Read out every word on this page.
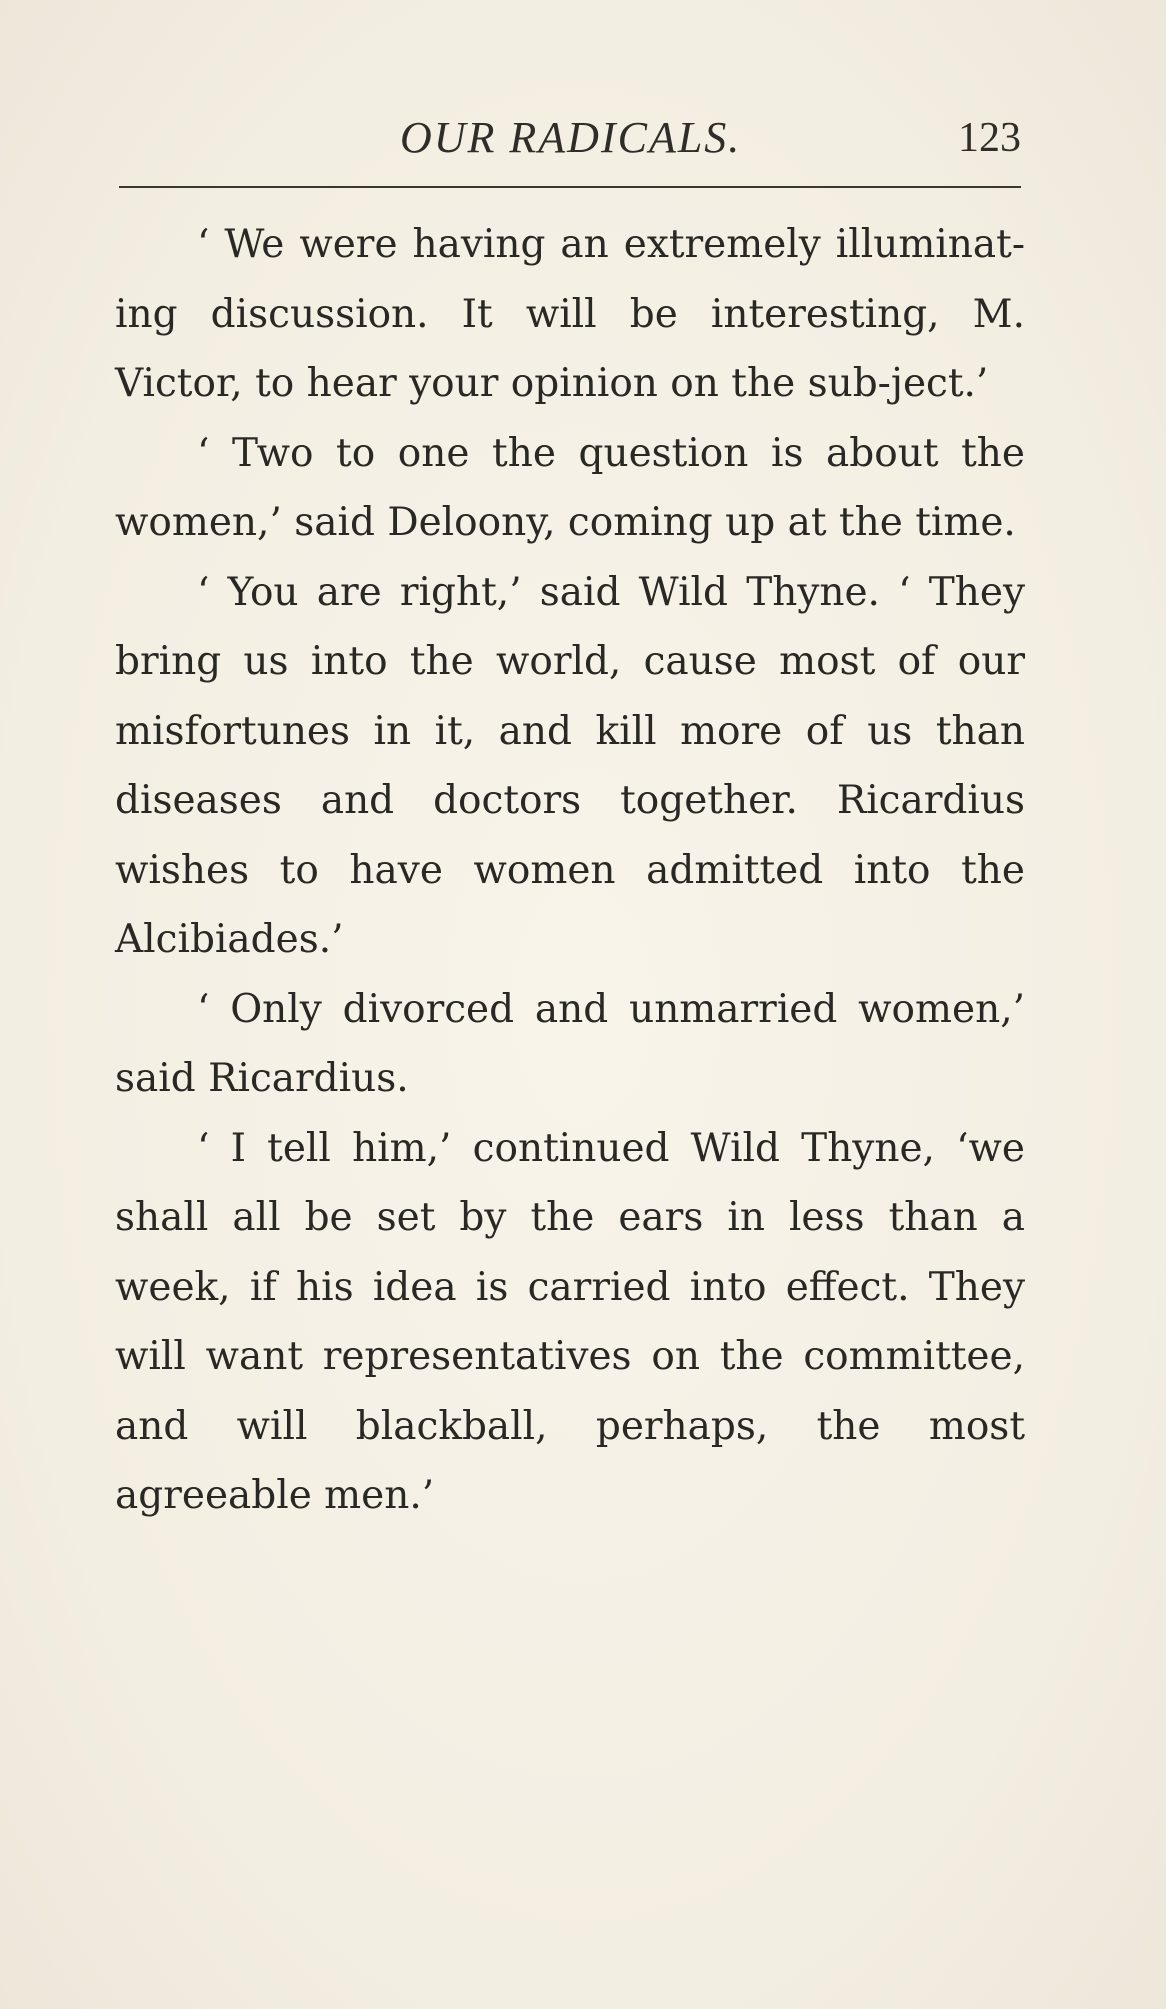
OUR RADICALS.	123

‘ We were having an extremely illuminat-ing discussion. It will be interesting, M. Victor, to hear your opinion on the sub-ject.’

‘ Two to one the question is about the women,’ said Deloony, coming up at the time.

‘ You are right,’ said Wild Thyne. ‘ They bring us into the world, cause most of our misfortunes in it, and kill more of us than diseases and doctors together. Ricardius wishes to have women admitted into the Alcibiades.’

‘ Only divorced and unmarried women,’ said Ricardius.

‘ I tell him,’ continued Wild Thyne, ‘we shall all be set by the ears in less than a week, if his idea is carried into effect. They will want representatives on the committee, and will blackball, perhaps, the most agreeable men.’
